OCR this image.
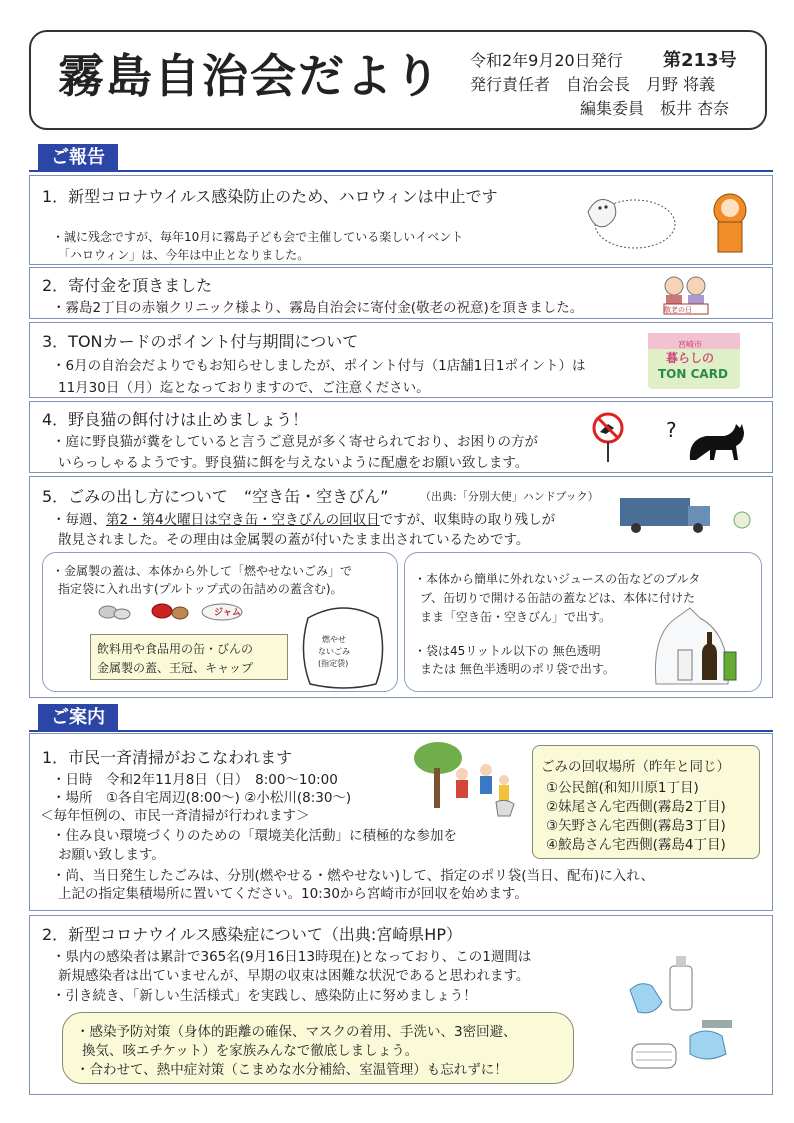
霧島自治会だより 令和2年9月20日発行 第213号
発行責任者　自治会長　月野 将義
編集委員　板井 杏奈
ご報告
1．新型コロナウイルス感染防止のため、ハロウィンは中止です
・誠に残念ですが、毎年10月に霧島子ども会で主催している楽しいイベント
「ハロウィン」は、今年は中止となりました。
2．寄付金を頂きました
・霧島2丁目の赤嶺クリニック様より、霧島自治会に寄付金(敬老の祝意)を頂きました。	敬老の日
3．TONカードのポイント付与期間について
・6月の自治会だよりでもお知らせしましたが、ポイント付与（1店舗1日1ポイント）は
11月30日（月）迄となっておりますので、ご注意ください。
宮崎市
暮らしの
TON CARD
4．野良猫の餌付けは止めましょう！
・庭に野良猫が糞をしていると言うご意見が多く寄せられており、お困りの方が
いらっしゃるようです。野良猫に餌を与えないように配慮をお願い致します。
?
5．ごみの出し方について　“空き缶・空きびん”	（出典:「分別大使」ハンドブック）
・毎週、第2・第4火曜日は空き缶・空きびんの回収日ですが、収集時の取り残しが
散見されました。その理由は金属製の蓋が付いたまま出されているためです。
・金属製の蓋は、本体から外して「燃やせないごみ」で
指定袋に入れ出す(プルトップ式の缶詰めの蓋含む)。
ジャム
飲料用や食品用の缶・びんの
金属製の蓋、王冠、キャップ
燃やせ
ないごみ
(指定袋)
・本体から簡単に外れないジュースの缶などのプルタ
ブ、缶切りで開ける缶詰の蓋などは、本体に付けた
まま「空き缶・空きびん」で出す。
・袋は45リットル以下の 無色透明
または 無色半透明のポリ袋で出す。
ご案内
1．市民一斉清掃がおこなわれます
・日時　令和2年11月8日（日）　8:00～10:00
・場所　①各自宅周辺(8:00～) ②小松川(8:30～)
＜毎年恒例の、市民一斉清掃が行われます＞
・住み良い環境づくりのための「環境美化活動」に積極的な参加を
お願い致します。
・尚、当日発生したごみは、分別(燃やせる・燃やせない)して、指定のポリ袋(当日、配布)に入れ、
上記の指定集積場所に置いてください。10:30から宮崎市が回収を始めます。
ごみの回収場所（昨年と同じ）
①公民館(和知川原1丁目)
②妹尾さん宅西側(霧島2丁目)
③矢野さん宅西側(霧島3丁目)
④鮫島さん宅西側(霧島4丁目)
2．新型コロナウイルス感染症について（出典:宮崎県HP）
・県内の感染者は累計で365名(9月16日13時現在)となっており、この1週間は
新規感染者は出ていませんが、早期の収束は困難な状況であると思われます。
・引き続き、「新しい生活様式」を実践し、感染防止に努めましょう！
・感染予防対策（身体的距離の確保、マスクの着用、手洗い、3密回避、
換気、咳エチケット）を家族みんなで徹底しましょう。
・合わせて、熱中症対策（こまめな水分補給、室温管理）も忘れずに！
